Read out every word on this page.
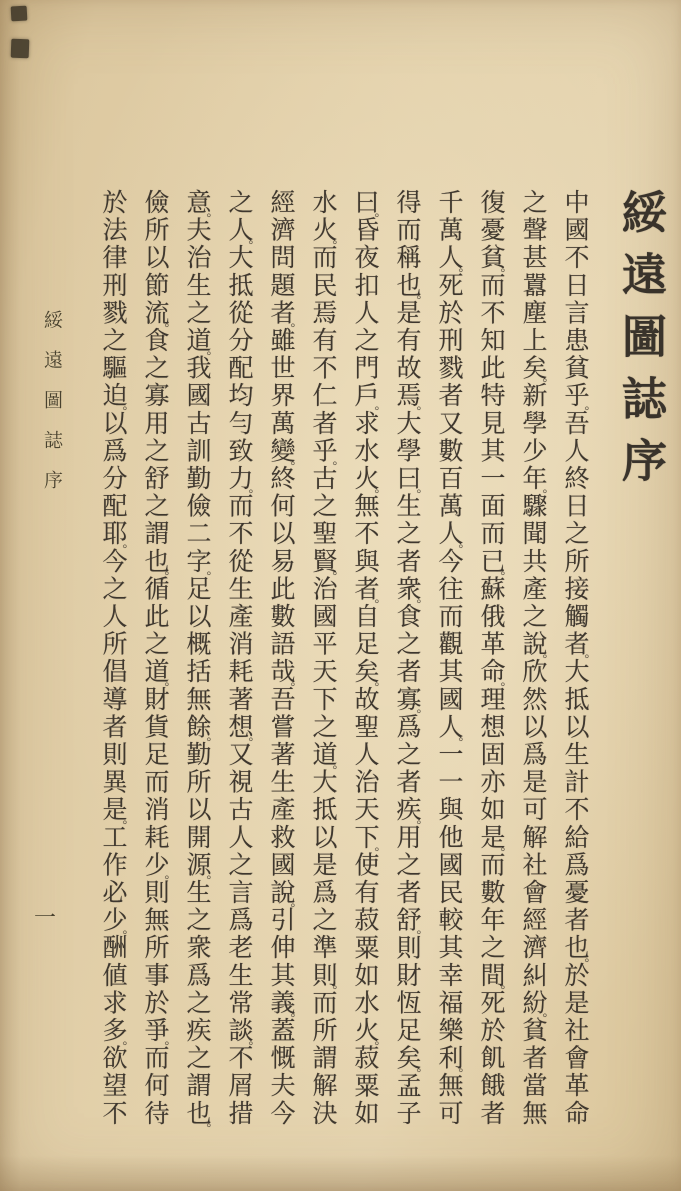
綏遠圖誌序
一
綏遠圖誌序
中國不日言患貧乎吾人終日之所接觸者大抵以生計不給爲憂者也於是社會革命
之聲甚囂塵上矣新學少年驟聞共產之說欣然以爲是可解社會經濟糾紛貧者當無
復憂貧而不知此特見其一面而已蘇俄革命理想固亦如是而數年之間死於飢餓者
千萬人死於刑戮者又數百萬人今往而觀其國人一一與他國民較其幸福樂利無可
得而稱也是有故焉大學曰生之者衆食之者寡爲之者疾用之者舒則財恆足矣孟子
曰昏夜扣人之門戶求水火無不與者自足矣故聖人治天下使有菽粟如水火菽粟如
水火而民焉有不仁者乎古之聖賢治國平天下之道大抵以是爲之準則而所謂解決
經濟問題者雖世界萬變終何以易此數語哉吾嘗著生產救國說引伸其義蓋慨夫今
之人大抵從分配均勻致力而不從生產消耗著想又視古人之言爲老生常談不屑措
意夫治生之道我國古訓勤儉二字足以概括無餘勤所以開源生之衆爲之疾之謂也
儉所以節流食之寡用之舒之謂也循此之道財貨足而消耗少則無所事於爭而何待
於法律刑戮之驅迫以爲分配耶今之人所倡導者則異是工作必少酬値求多欲望不
